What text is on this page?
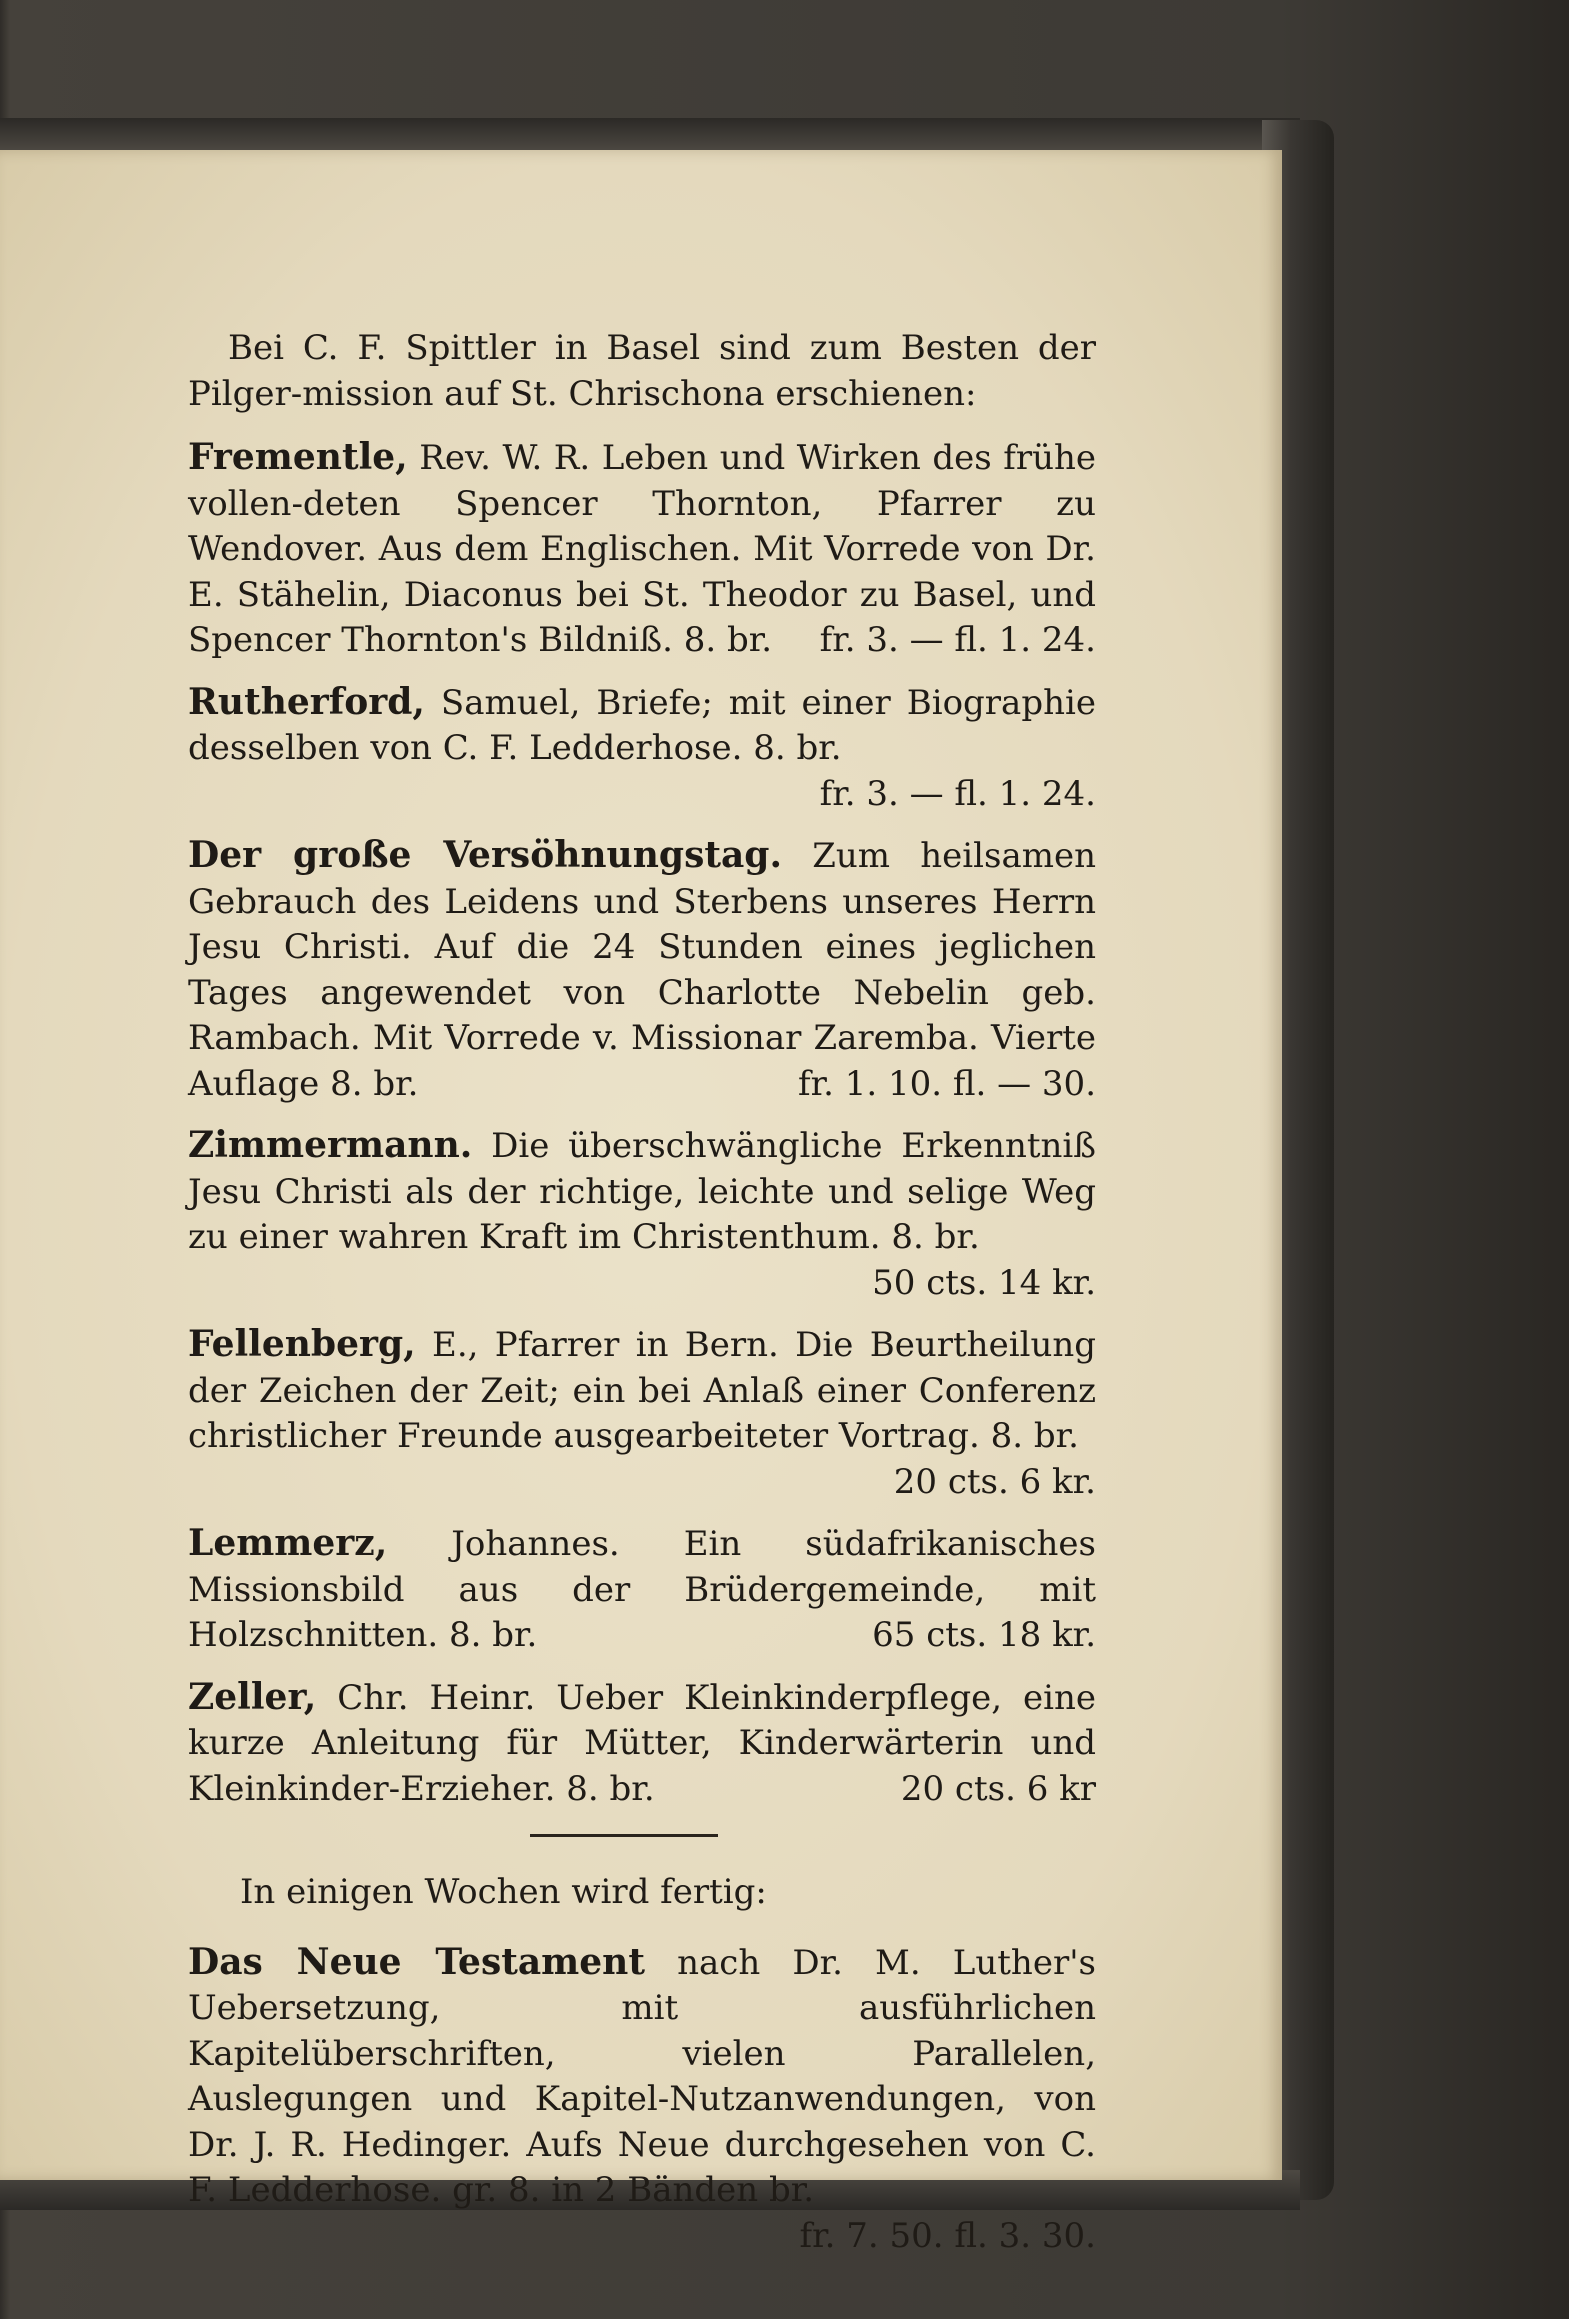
Bei C. F. Spittler in Basel sind zum Besten der Pilger-mission auf St. Chrischona erschienen:

Frementle, Rev. W. R. Leben und Wirken des frühe vollen-deten Spencer Thornton, Pfarrer zu Wendover. Aus dem Englischen. Mit Vorrede von Dr. E. Stähelin, Diaconus bei St. Theodor zu Basel, und Spencer Thornton's Bildniß. 8. br. fr. 3. — fl. 1. 24.
Rutherford, Samuel, Briefe; mit einer Biographie desselben von C. F. Ledderhose. 8. br.
fr. 3. — fl. 1. 24.
Der große Versöhnungstag. Zum heilsamen Gebrauch des Leidens und Sterbens unseres Herrn Jesu Christi. Auf die 24 Stunden eines jeglichen Tages angewendet von Charlotte Nebelin geb. Rambach. Mit Vorrede v. Missionar Zaremba. Vierte Auflage 8. br.	fr. 1. 10. fl. — 30.
Zimmermann. Die überschwängliche Erkenntniß Jesu Christi als der richtige, leichte und selige Weg zu einer wahren Kraft im Christenthum. 8. br.
50 cts. 14 kr.
Fellenberg, E., Pfarrer in Bern. Die Beurtheilung der Zeichen der Zeit; ein bei Anlaß einer Conferenz christlicher Freunde ausgearbeiteter Vortrag. 8. br.
20 cts. 6 kr.
Lemmerz, Johannes. Ein südafrikanisches Missionsbild aus der Brüdergemeinde, mit Holzschnitten. 8. br.	65 cts. 18 kr.
Zeller, Chr. Heinr. Ueber Kleinkinderpflege, eine kurze Anleitung für Mütter, Kinderwärterin und Kleinkinder-Erzieher. 8. br.	20 cts. 6 kr

In einigen Wochen wird fertig:

Das Neue Testament nach Dr. M. Luther's Uebersetzung, mit ausführlichen Kapitelüberschriften, vielen Parallelen, Auslegungen und Kapitel-Nutzanwendungen, von Dr. J. R. Hedinger. Aufs Neue durchgesehen von C. F. Ledderhose. gr. 8. in 2 Bänden br.
fr. 7. 50. fl. 3. 30.
